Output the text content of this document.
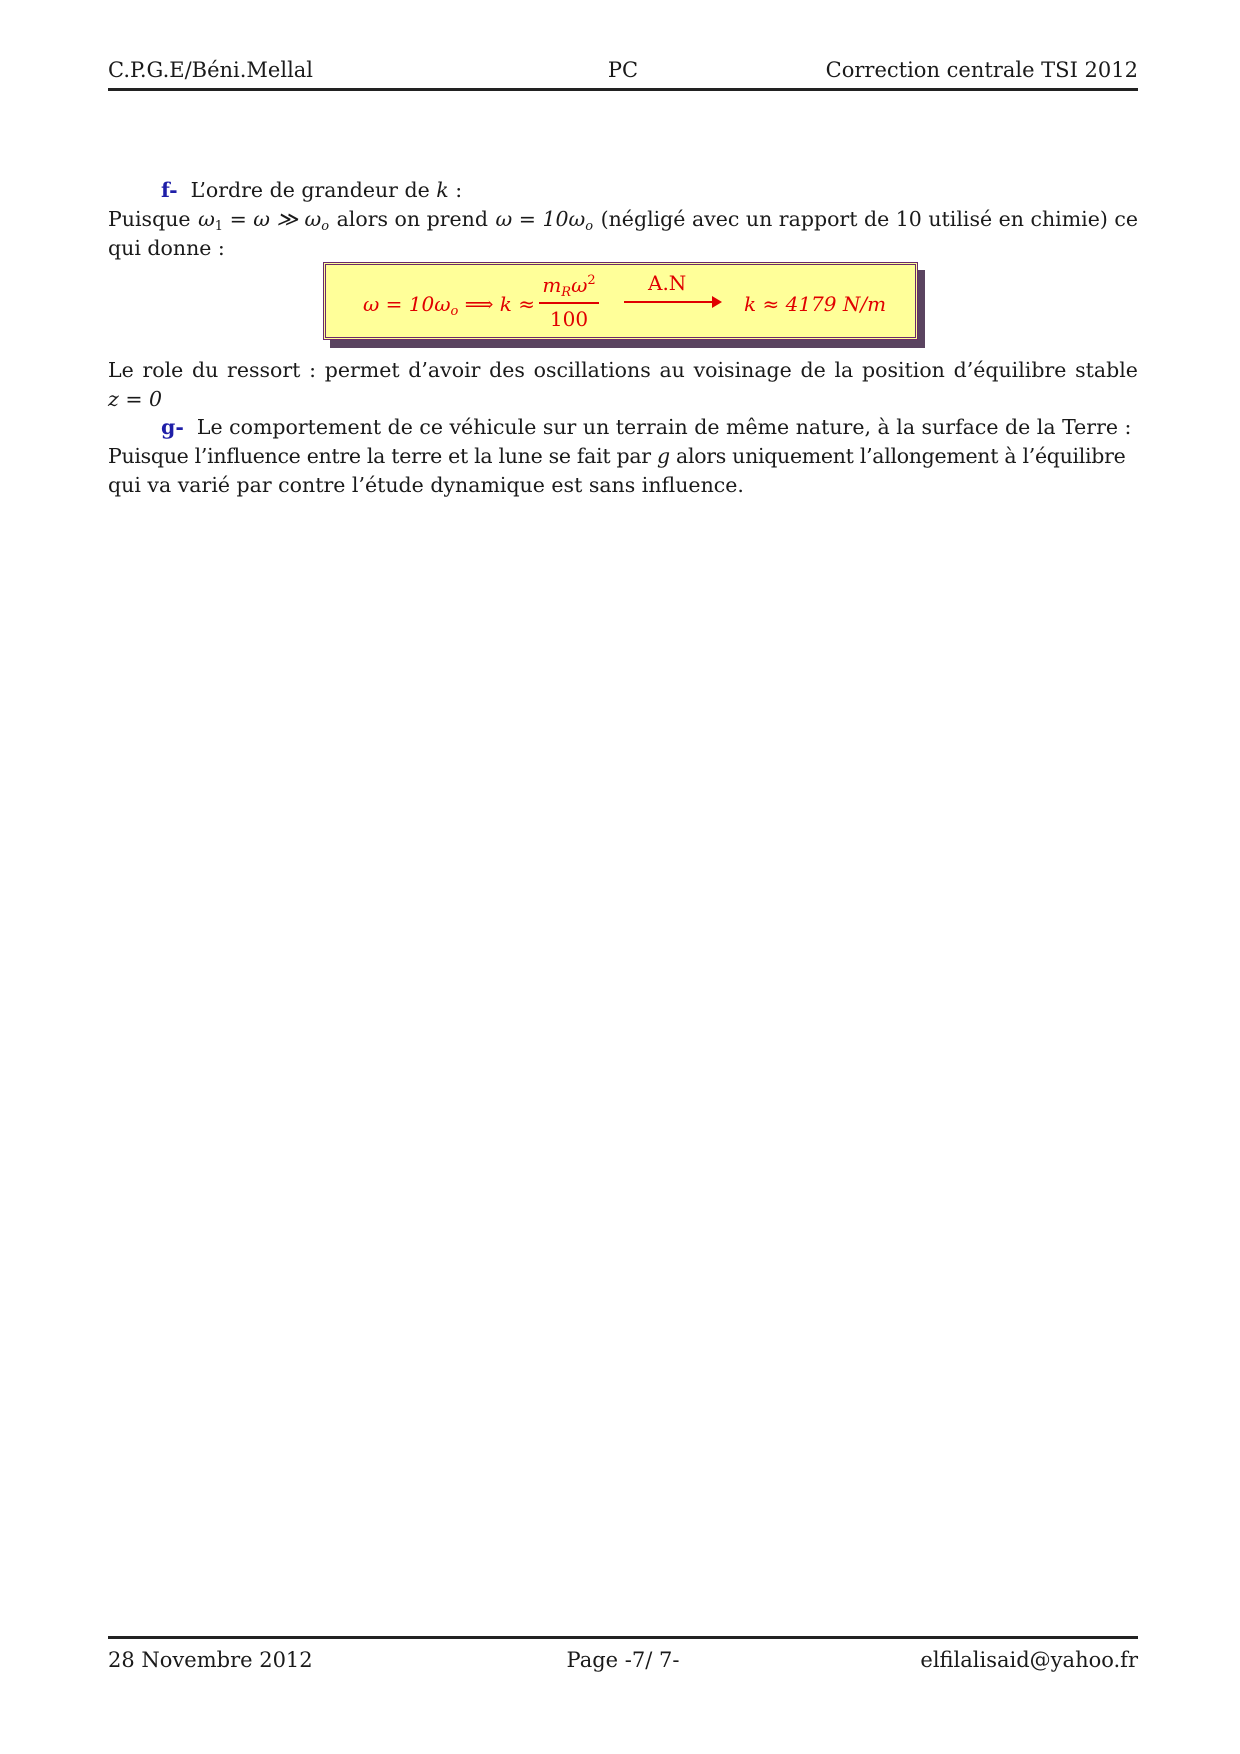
C.P.G.E/Béni.Mellal	PC	Correction centrale TSI 2012
f- L’ordre de grandeur de k :
Puisque ω1 = ω ≫ $\omega_o$ alors on prend $\omega = 10\omega_o$ (négligé avec un rapport de 10 utilisé en chimie) ce
qui donne :
$\omega = 10\omega_o$ ⟹ k ≈
$m_R\omega^2$
100
A.N
k ≈ 4179 N/m
Le role du ressort : permet d’avoir des oscillations au voisinage de la position d’équilibre stable
z = 0
g- Le comportement de ce véhicule sur un terrain de même nature, à la surface de la Terre :
Puisque l’influence entre la terre et la lune se fait par g alors uniquement l’allongement à l’équilibre
qui va varié par contre l’étude dynamique est sans influence.
28 Novembre 2012	Page -7/ 7-	elfilalisaid@yahoo.fr
